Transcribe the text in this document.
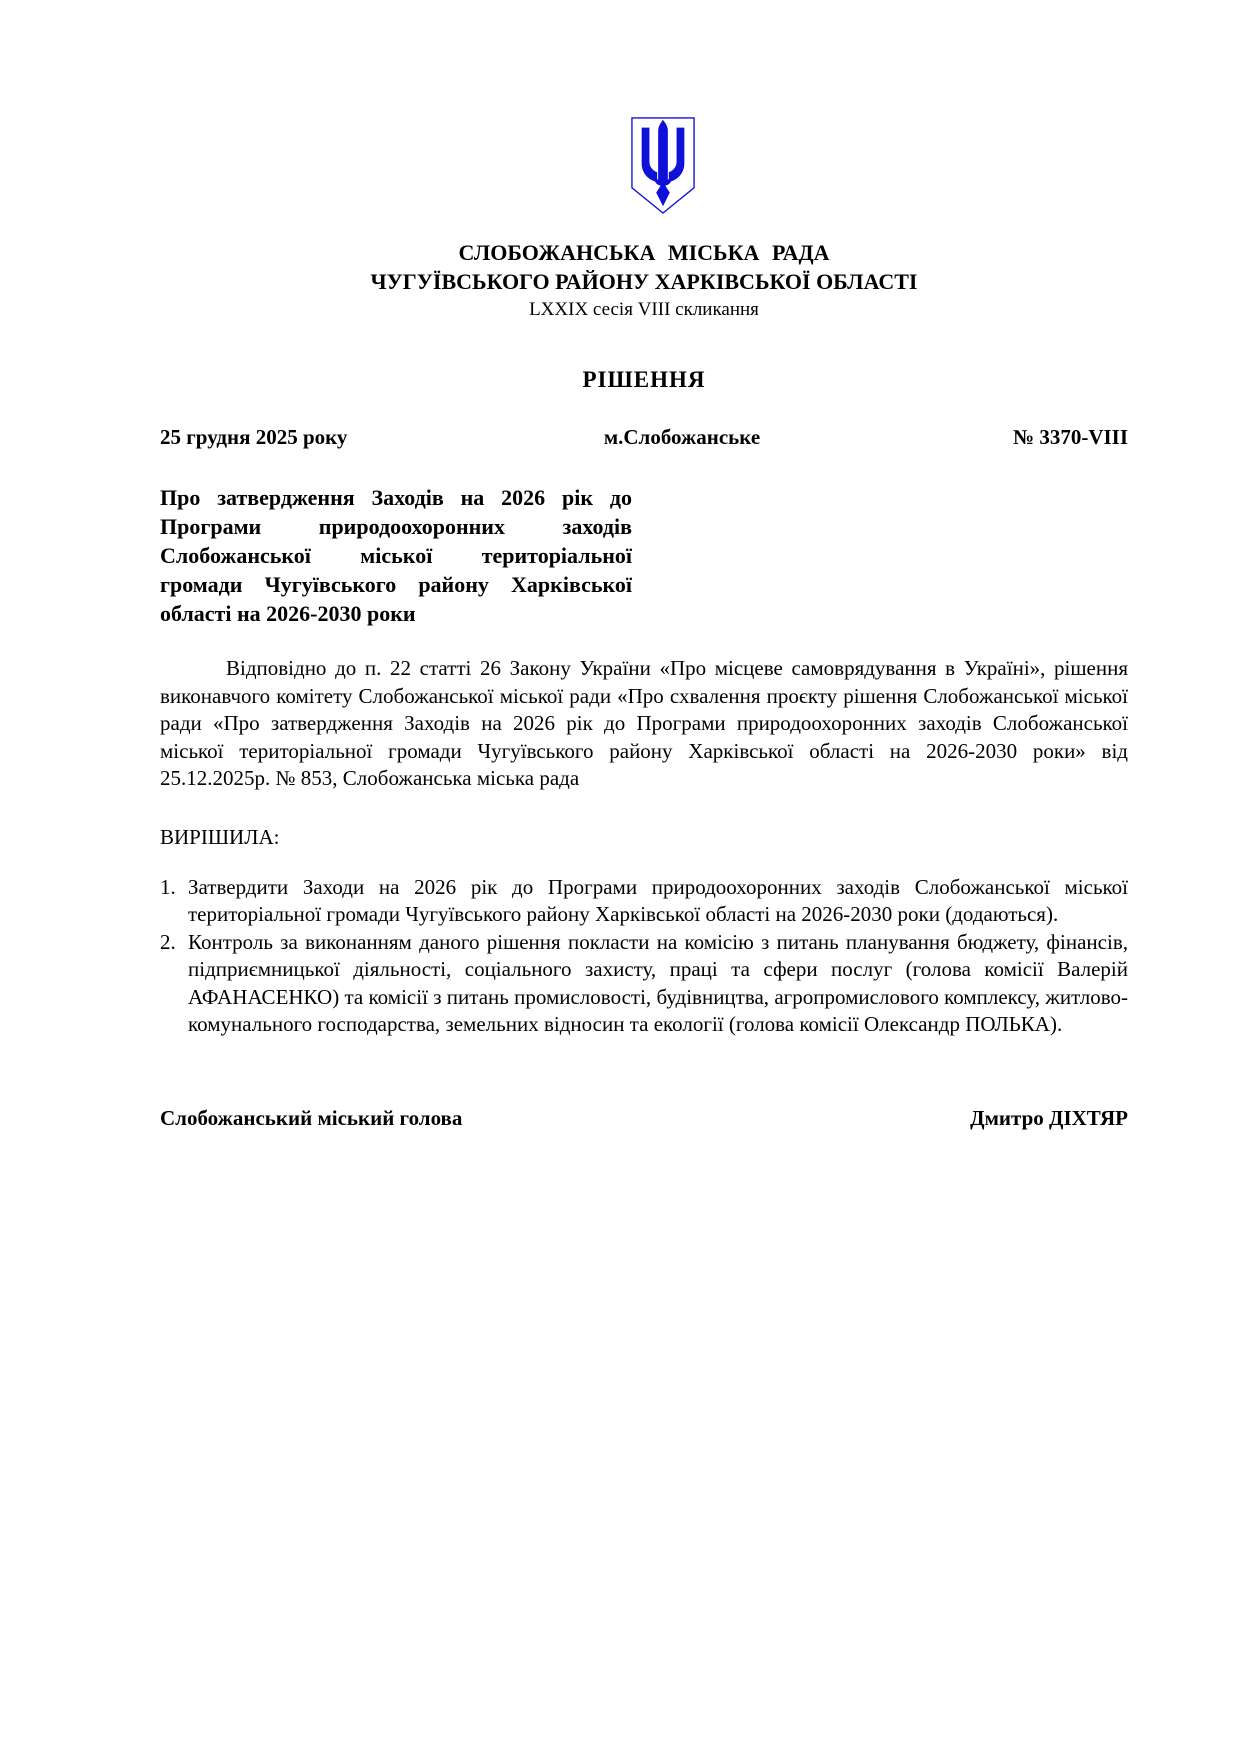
СЛОБОЖАНСЬКА МІСЬКА РАДА
ЧУГУЇВСЬКОГО РАЙОНУ ХАРКІВСЬКОЇ ОБЛАСТІ
LXXIX сесія VIII скликання
РІШЕННЯ
25 грудня 2025 року	м.Слобожанське	№ 3370-VIII
Про затвердження Заходів на 2026 рік до Програми природоохоронних заходів Слобожанської міської територіальної громади Чугуївського району Харківської області на 2026-2030 роки

Відповідно до п. 22 статті 26 Закону України «Про місцеве самоврядування в Україні», рішення виконавчого комітету Слобожанської міської ради «Про схвалення проєкту рішення Слобожанської міської ради «Про затвердження Заходів на 2026 рік до Програми природоохоронних заходів Слобожанської міської територіальної громади Чугуївського району Харківської області на 2026-2030 роки» від 25.12.2025р. № 853, Слобожанська міська рада

ВИРІШИЛА:
1. Затвердити Заходи на 2026 рік до Програми природоохоронних заходів Слобожанської міської територіальної громади Чугуївського району Харківської області на 2026-2030 роки (додаються).
2. Контроль за виконанням даного рішення покласти на комісію з питань планування бюджету, фінансів, підприємницької діяльності, соціального захисту, праці та сфери послуг (голова комісії Валерій АФАНАСЕНКО) та комісії з питань промисловості, будівництва, агропромислового комплексу, житлово-комунального господарства, земельних відносин та екології (голова комісії Олександр ПОЛЬКА).
Слобожанський міський голова	Дмитро ДІХТЯР
